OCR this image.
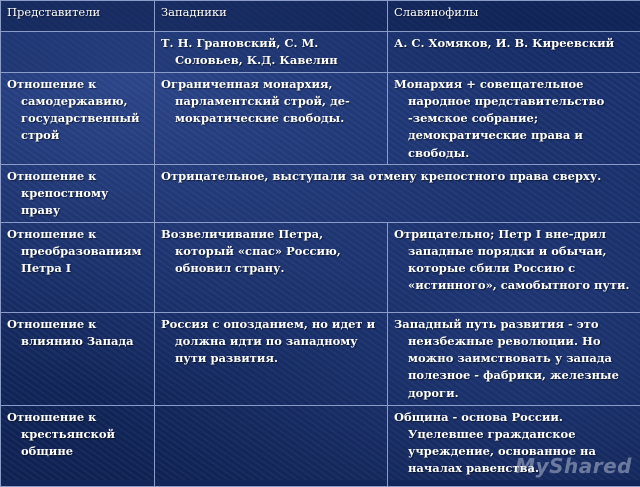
Представители	Западники	Славянофилы
	Т. Н. Грановский, С. М. Соловьев, К.Д. Кавелин	А. С. Хомяков, И. В. Киреевский
Отношение к самодержавию, государственный строй	Ограниченная монархия, парламентский строй, де-мократические свободы.	Монархия + совещательное народное представительство -земское собрание; демократические права и свободы.
Отношение к крепостному праву	Отрицательное, выступали за отмену крепостного права сверху.	
Отношение к преобразованиям Петра I	Возвеличивание Петра, который «спас» Россию, обновил страну.	Отрицательно; Петр I вне-дрил западные порядки и обычаи, которые сбили Россию с «истинного», самобытного пути.
Отношение к влиянию Запада	Россия с опозданием, но идет и должна идти по западному пути развития.	Западный путь развития - это неизбежные революции. Но можно заимствовать у запада полезное - фабрики, железные дороги.
Отношение к крестьянской общине		Община - основа России. Уцелевшее гражданское учреждение, основанное на началах равенства.
MyShared
